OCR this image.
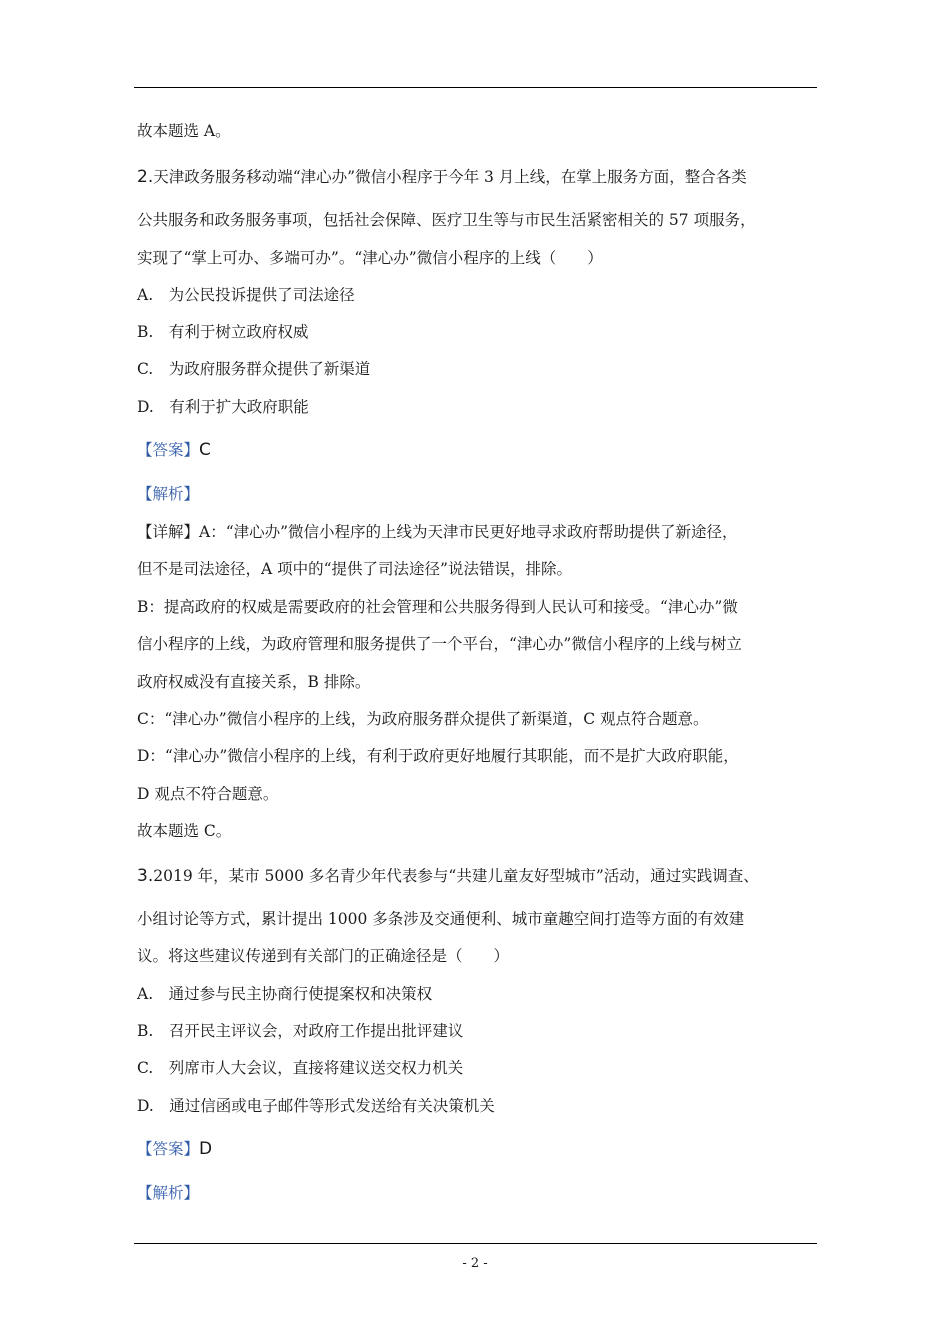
故本题选 A。
2.天津政务服务移动端“津心办”微信小程序于今年 3 月上线，在掌上服务方面，整合各类
公共服务和政务服务事项，包括社会保障、医疗卫生等与市民生活紧密相关的 57 项服务，
实现了“掌上可办、多端可办”。“津心办”微信小程序的上线（　　）
A.　为公民投诉提供了司法途径
B.　有利于树立政府权威
C.　为政府服务群众提供了新渠道
D.　有利于扩大政府职能
【答案】C
【解析】
【详解】A：“津心办”微信小程序的上线为天津市民更好地寻求政府帮助提供了新途径，
但不是司法途径，A 项中的“提供了司法途径”说法错误，排除。
B：提高政府的权威是需要政府的社会管理和公共服务得到人民认可和接受。“津心办”微
信小程序的上线，为政府管理和服务提供了一个平台，“津心办”微信小程序的上线与树立
政府权威没有直接关系，B 排除。
C：“津心办”微信小程序的上线，为政府服务群众提供了新渠道，C 观点符合题意。
D：“津心办”微信小程序的上线，有利于政府更好地履行其职能，而不是扩大政府职能，
D 观点不符合题意。
故本题选 C。
3.2019 年，某市 5000 多名青少年代表参与“共建儿童友好型城市”活动，通过实践调查、
小组讨论等方式，累计提出 1000 多条涉及交通便利、城市童趣空间打造等方面的有效建
议。将这些建议传递到有关部门的正确途径是（　　）
A.　通过参与民主协商行使提案权和决策权
B.　召开民主评议会，对政府工作提出批评建议
C.　列席市人大会议，直接将建议送交权力机关
D.　通过信函或电子邮件等形式发送给有关决策机关
【答案】D
【解析】
- 2 -
